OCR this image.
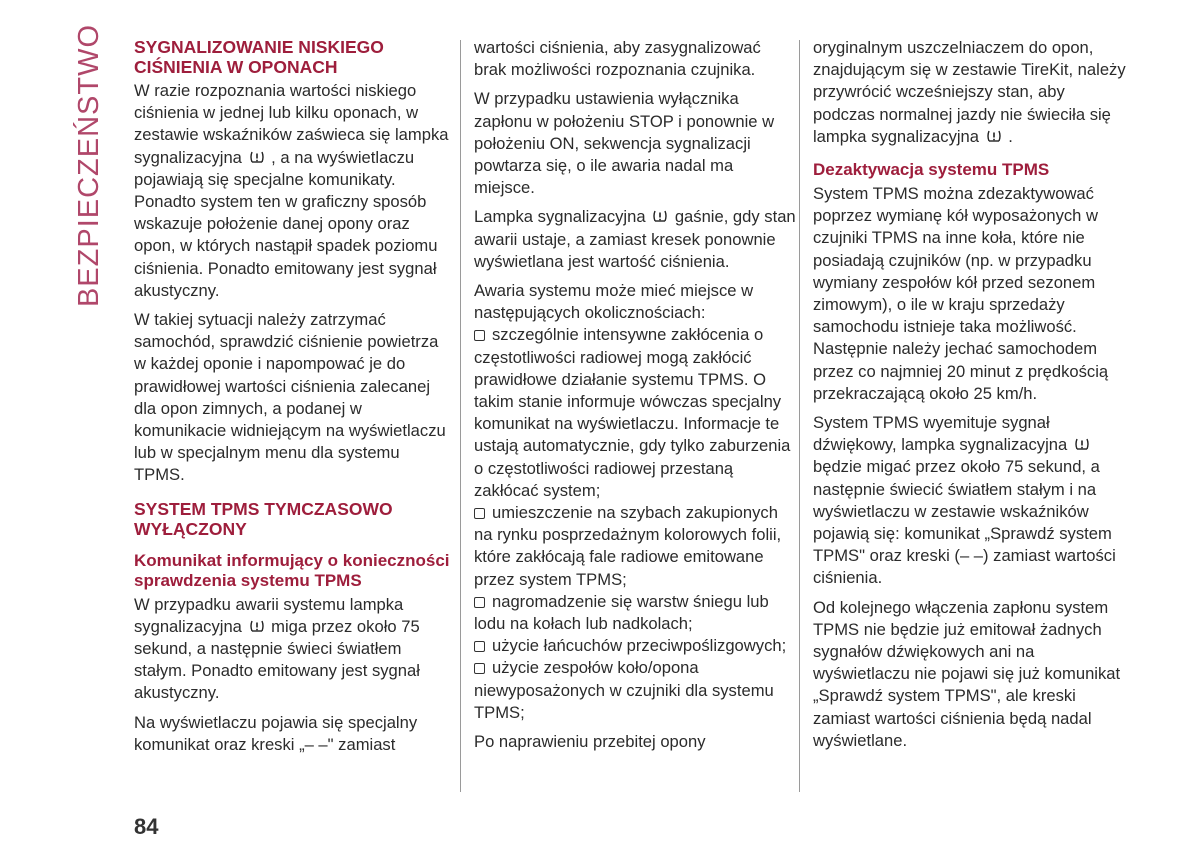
BEZPIECZEŃSTWO SYGNALIZOWANIE NISKIEGO CIŚNIENIA W OPONACH

W razie rozpoznania wartości niskiego ciśnienia w jednej lub kilku oponach, w zestawie wskaźników zaświeca się lampka sygnalizacyjna , a na wyświetlaczu pojawiają się specjalne komunikaty. Ponadto system ten w graficzny sposób wskazuje położenie danej opony oraz opon, w których nastąpił spadek poziomu ciśnienia. Ponadto emitowany jest sygnał akustyczny.

W takiej sytuacji należy zatrzymać samochód, sprawdzić ciśnienie powietrza w każdej oponie i napompować je do prawidłowej wartości ciśnienia zalecanej dla opon zimnych, a podanej w komunikacie widniejącym na wyświetlaczu lub w specjalnym menu dla systemu TPMS.

SYSTEM TPMS TYMCZASOWO WYŁĄCZONY
Komunikat informujący o konieczności sprawdzenia systemu TPMS

W przypadku awarii systemu lampka sygnalizacyjna miga przez około 75 sekund, a następnie świeci światłem stałym. Ponadto emitowany jest sygnał akustyczny.

Na wyświetlaczu pojawia się specjalny komunikat oraz kreski „– –" zamiast

wartości ciśnienia, aby zasygnalizować brak możliwości rozpoznania czujnika.

W przypadku ustawienia wyłącznika zapłonu w położeniu STOP i ponownie w położeniu ON, sekwencja sygnalizacji powtarza się, o ile awaria nadal ma miejsce.

Lampka sygnalizacyjna gaśnie, gdy stan awarii ustaje, a zamiast kresek ponownie wyświetlana jest wartość ciśnienia.

Awaria systemu może mieć miejsce w następujących okolicznościach:

szczególnie intensywne zakłócenia o częstotliwości radiowej mogą zakłócić prawidłowe działanie systemu TPMS. O takim stanie informuje wówczas specjalny komunikat na wyświetlaczu. Informacje te ustają automatycznie, gdy tylko zaburzenia o częstotliwości radiowej przestaną zakłócać system;
umieszczenie na szybach zakupionych na rynku posprzedażnym kolorowych folii, które zakłócają fale radiowe emitowane przez system TPMS;
nagromadzenie się warstw śniegu lub lodu na kołach lub nadkolach;
użycie łańcuchów przeciwpoślizgowych;
użycie zespołów koło/opona niewyposażonych w czujniki dla systemu TPMS;

Po naprawieniu przebitej opony

oryginalnym uszczelniaczem do opon, znajdującym się w zestawie TireKit, należy przywrócić wcześniejszy stan, aby podczas normalnej jazdy nie świeciła się lampka sygnalizacyjna .

Dezaktywacja systemu TPMS

System TPMS można zdezaktywować poprzez wymianę kół wyposażonych w czujniki TPMS na inne koła, które nie posiadają czujników (np. w przypadku wymiany zespołów kół przed sezonem zimowym), o ile w kraju sprzedaży samochodu istnieje taka możliwość. Następnie należy jechać samochodem przez co najmniej 20 minut z prędkością przekraczającą około 25 km/h.

System TPMS wyemituje sygnał dźwiękowy, lampka sygnalizacyjna  będzie migać przez około 75 sekund, a następnie świecić światłem stałym i na wyświetlaczu w zestawie wskaźników pojawią się: komunikat „Sprawdź system TPMS" oraz kreski (– –) zamiast wartości ciśnienia.

Od kolejnego włączenia zapłonu system TPMS nie będzie już emitował żadnych sygnałów dźwiękowych ani na wyświetlaczu nie pojawi się już komunikat „Sprawdź system TPMS", ale kreski zamiast wartości ciśnienia będą nadal wyświetlane.

84
